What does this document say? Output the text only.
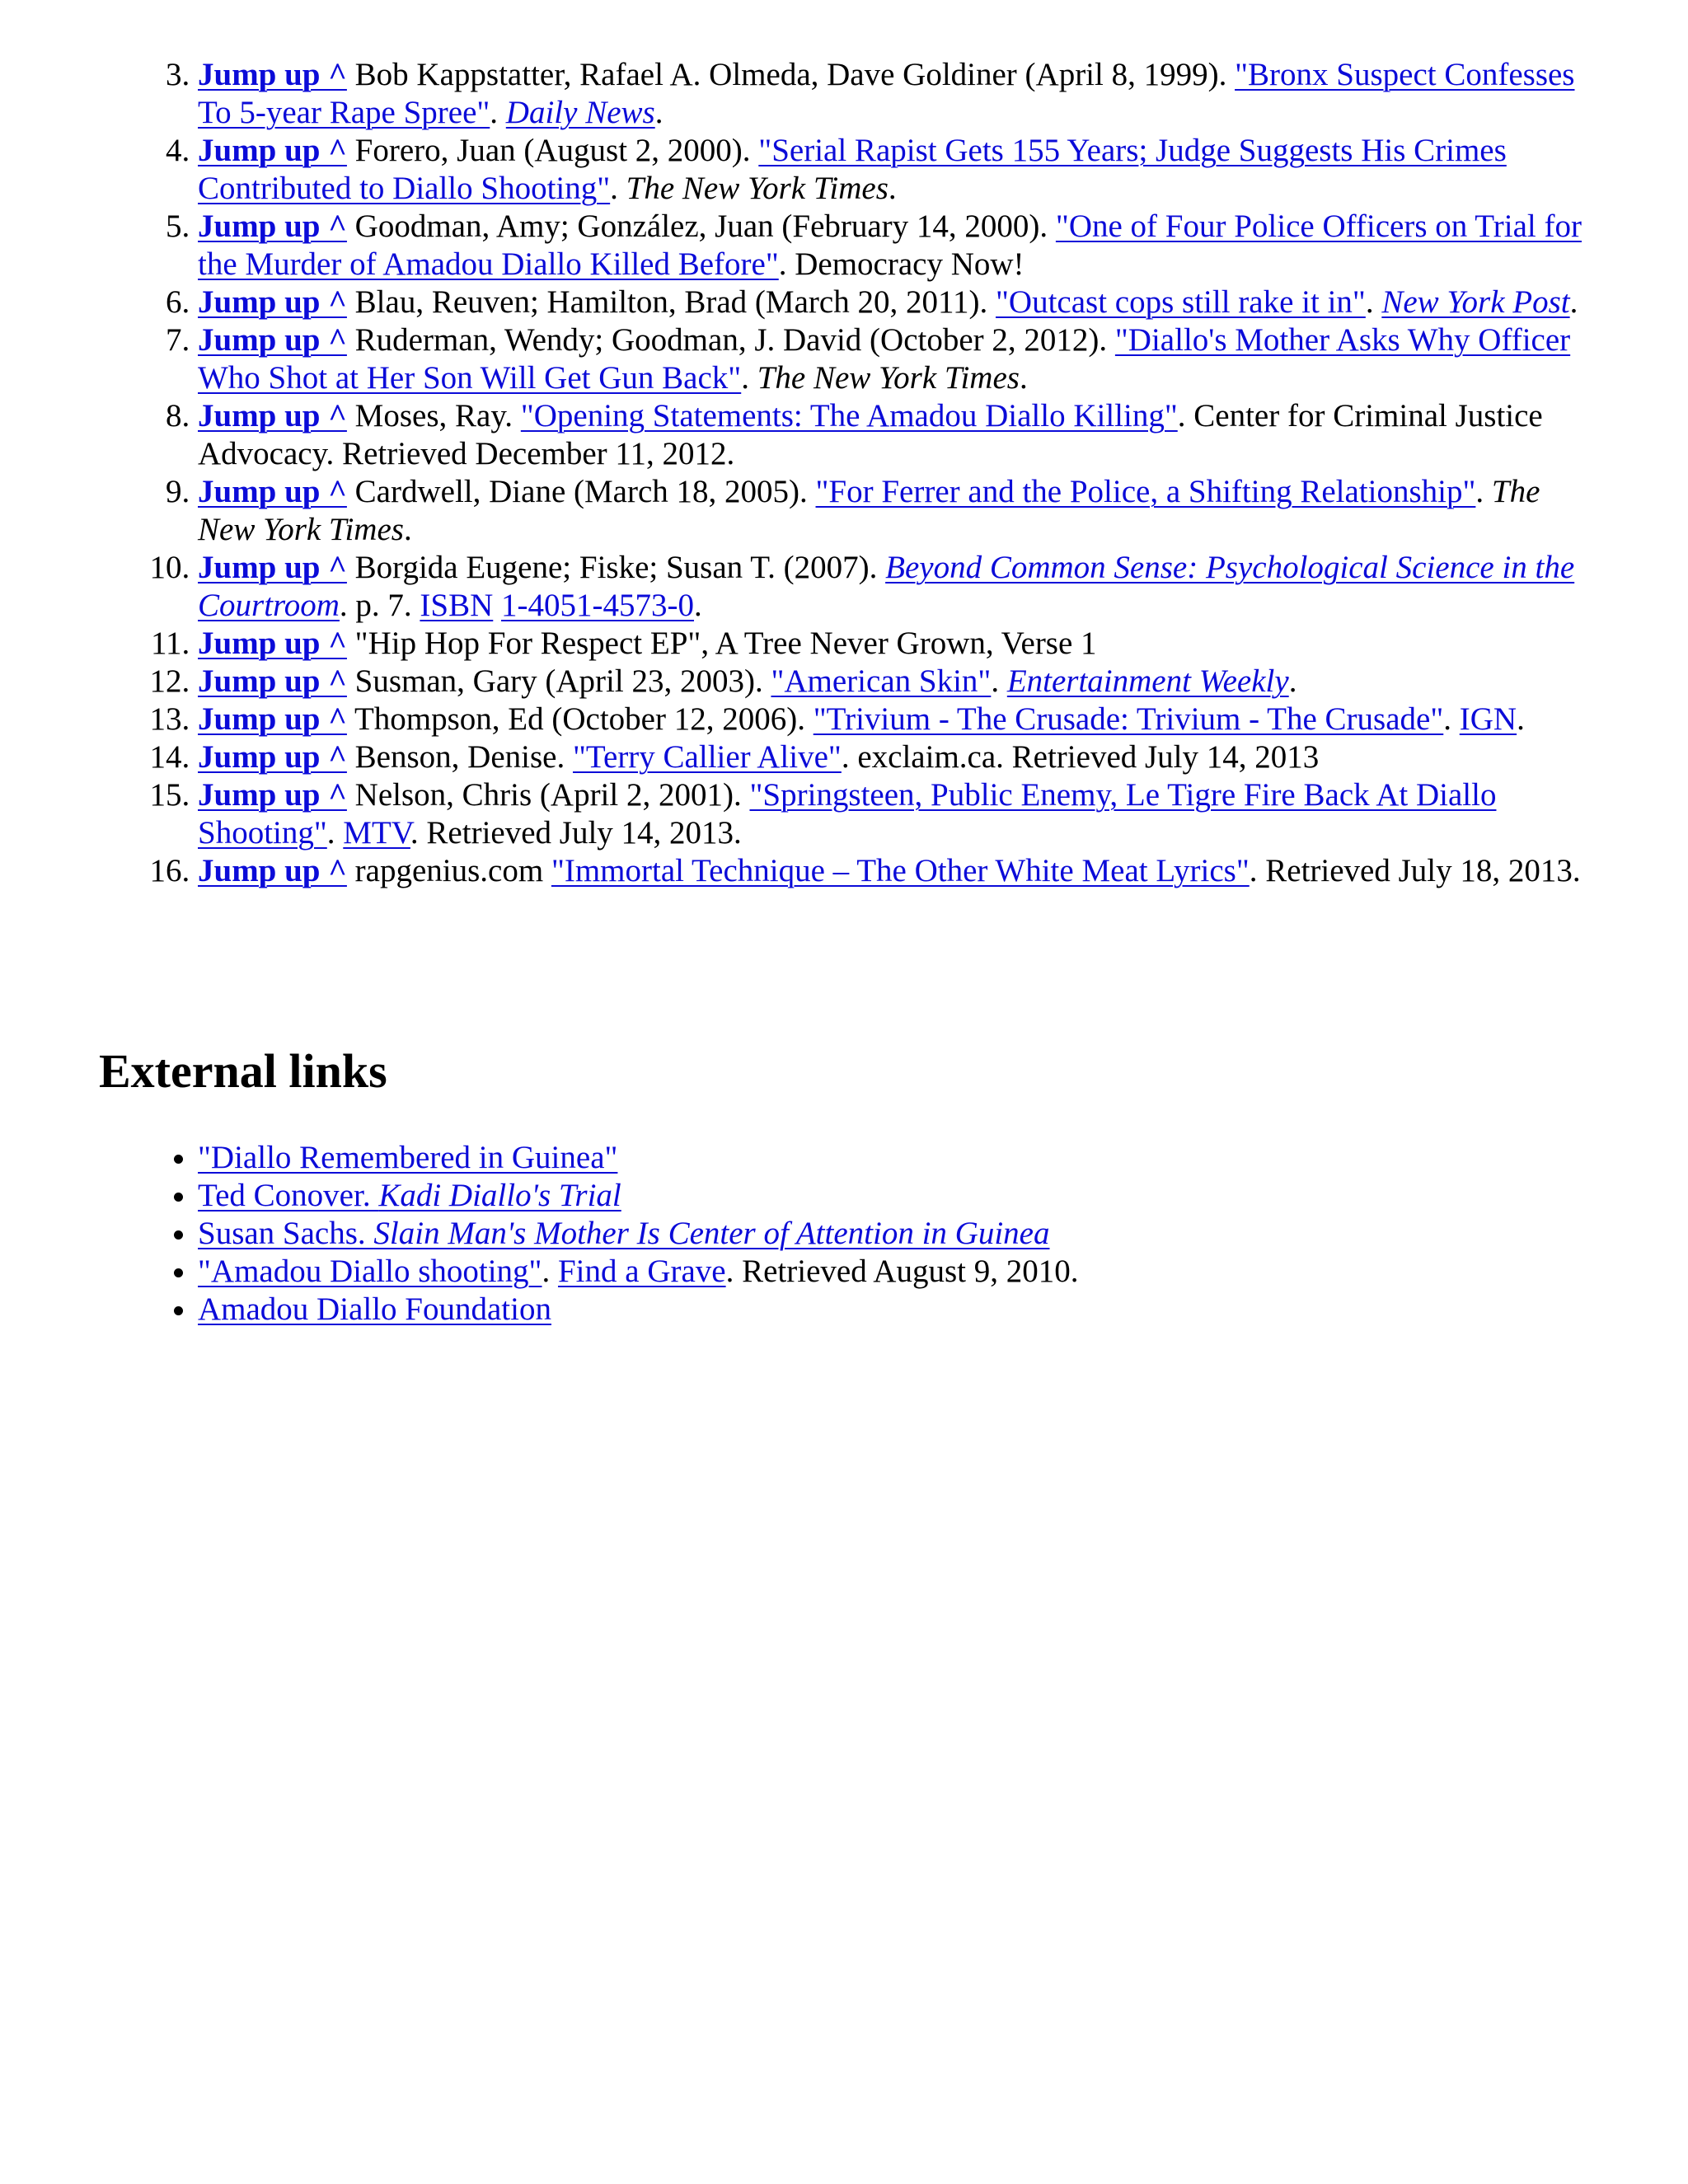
3. Jump up ^ Bob Kappstatter, Rafael A. Olmeda, Dave Goldiner (April 8, 1999). "Bronx Suspect Confesses To 5-year Rape Spree". Daily News.
4. Jump up ^ Forero, Juan (August 2, 2000). "Serial Rapist Gets 155 Years; Judge Suggests His Crimes Contributed to Diallo Shooting". The New York Times.
5. Jump up ^ Goodman, Amy; González, Juan (February 14, 2000). "One of Four Police Officers on Trial for the Murder of Amadou Diallo Killed Before". Democracy Now!
6. Jump up ^ Blau, Reuven; Hamilton, Brad (March 20, 2011). "Outcast cops still rake it in". New York Post.
7. Jump up ^ Ruderman, Wendy; Goodman, J. David (October 2, 2012). "Diallo's Mother Asks Why Officer Who Shot at Her Son Will Get Gun Back". The New York Times.
8. Jump up ^ Moses, Ray. "Opening Statements: The Amadou Diallo Killing". Center for Criminal Justice Advocacy. Retrieved December 11, 2012.
9. Jump up ^ Cardwell, Diane (March 18, 2005). "For Ferrer and the Police, a Shifting Relationship". The New York Times.
10. Jump up ^ Borgida Eugene; Fiske; Susan T. (2007). Beyond Common Sense: Psychological Science in the Courtroom. p. 7. ISBN 1-4051-4573-0.
11. Jump up ^ "Hip Hop For Respect EP", A Tree Never Grown, Verse 1
12. Jump up ^ Susman, Gary (April 23, 2003). "American Skin". Entertainment Weekly.
13. Jump up ^ Thompson, Ed (October 12, 2006). "Trivium - The Crusade: Trivium - The Crusade". IGN.
14. Jump up ^ Benson, Denise. "Terry Callier Alive". exclaim.ca. Retrieved July 14, 2013
15. Jump up ^ Nelson, Chris (April 2, 2001). "Springsteen, Public Enemy, Le Tigre Fire Back At Diallo Shooting". MTV. Retrieved July 14, 2013.
16. Jump up ^ rapgenius.com "Immortal Technique – The Other White Meat Lyrics". Retrieved July 18, 2013.
External links
• "Diallo Remembered in Guinea"
• Ted Conover. Kadi Diallo's Trial
• Susan Sachs. Slain Man's Mother Is Center of Attention in Guinea
• "Amadou Diallo shooting". Find a Grave. Retrieved August 9, 2010.
• Amadou Diallo Foundation
